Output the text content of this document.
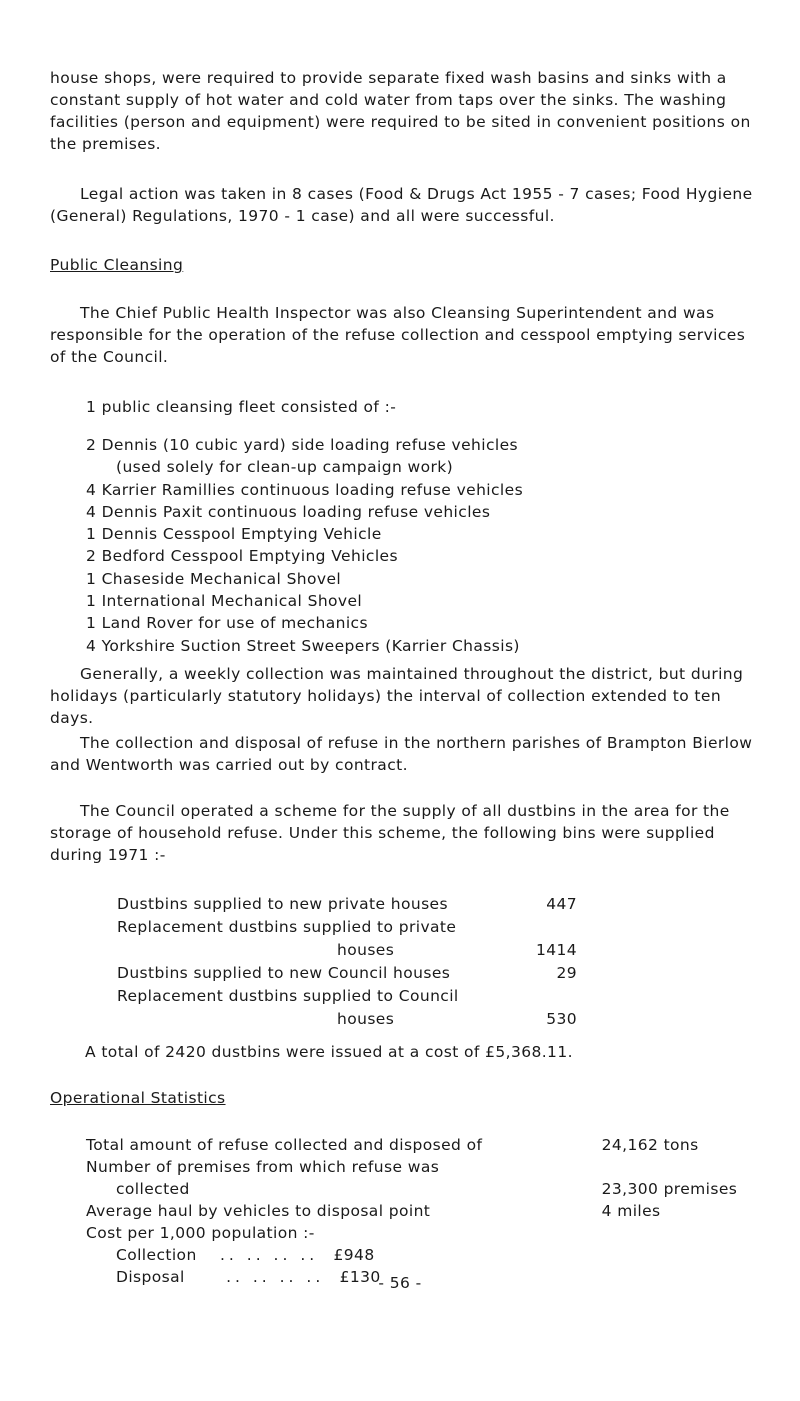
house shops, were required to provide separate fixed wash basins and sinks with a constant supply of hot water and cold water from taps over the sinks. The washing facilities (person and equipment) were required to be sited in convenient positions on the premises.

Legal action was taken in 8 cases (Food & Drugs Act 1955 - 7 cases; Food Hygiene (General) Regulations, 1970 - 1 case) and all were successful.

Public Cleansing

The Chief Public Health Inspector was also Cleansing Superintendent and was responsible for the operation of the refuse collection and cesspool emptying services of the Council.

1 public cleansing fleet consisted of :-

2 Dennis (10 cubic yard) side loading refuse vehicles
(used solely for clean-up campaign work)
4 Karrier Ramillies continuous loading refuse vehicles
4 Dennis Paxit continuous loading refuse vehicles
1 Dennis Cesspool Emptying Vehicle
2 Bedford Cesspool Emptying Vehicles
1 Chaseside Mechanical Shovel
1 International Mechanical Shovel
1 Land Rover for use of mechanics
4 Yorkshire Suction Street Sweepers (Karrier Chassis)

Generally, a weekly collection was maintained throughout the district, but during holidays (particularly statutory holidays) the interval of collection extended to ten days.

The collection and disposal of refuse in the northern parishes of Brampton Bierlow and Wentworth was carried out by contract.

The Council operated a scheme for the supply of all dustbins in the area for the storage of household refuse. Under this scheme, the following bins were supplied during 1971 :-

Dustbins supplied to new private houses	447
Replacement dustbins supplied to private	
houses	1414
Dustbins supplied to new Council houses	29
Replacement dustbins supplied to Council	
houses	530

A total of 2420 dustbins were issued at a cost of £5,368.11.

Operational Statistics

Total amount of refuse collected and disposed of	24,162 tons
Number of premises from which refuse was	
collected	23,300 premises
Average haul by vehicles to disposal point	4 miles
Cost per 1,000 population :-	
Collection .. .. .. .. £948		
Disposal .. .. .. .. £130		
- 56 -
